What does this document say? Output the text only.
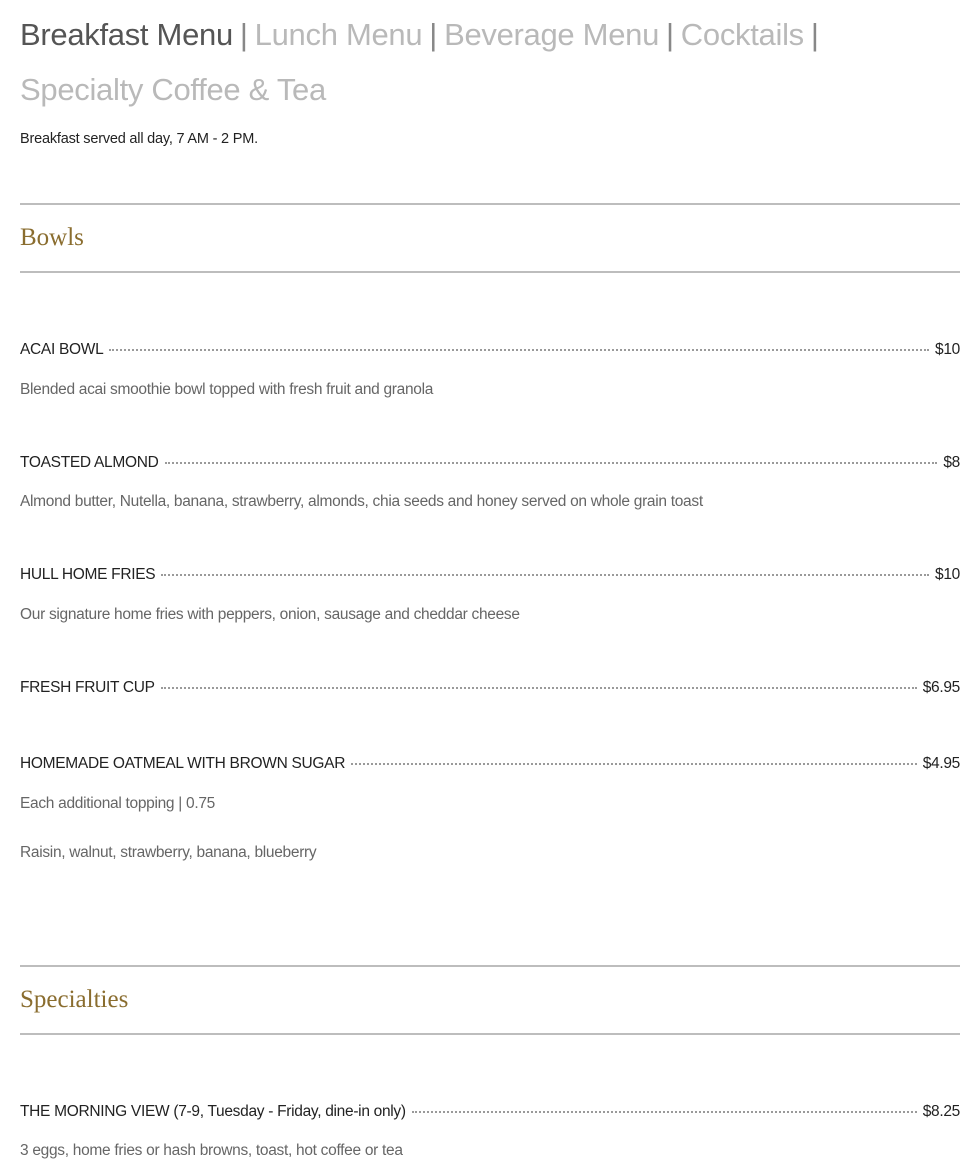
Breakfast Menu | Lunch Menu | Beverage Menu | Cocktails |
Specialty Coffee & Tea
Breakfast served all day, 7 AM - 2 PM.
Bowls
ACAI BOWL	$10
Blended acai smoothie bowl topped with fresh fruit and granola
TOASTED ALMOND	$8
Almond butter, Nutella, banana, strawberry, almonds, chia seeds and honey served on whole grain toast
HULL HOME FRIES	$10
Our signature home fries with peppers, onion, sausage and cheddar cheese
FRESH FRUIT CUP	$6.95
HOMEMADE OATMEAL WITH BROWN SUGAR	$4.95
Each additional topping | 0.75
Raisin, walnut, strawberry, banana, blueberry
Specialties
THE MORNING VIEW (7-9, Tuesday - Friday, dine-in only)	$8.25
3 eggs, home fries or hash browns, toast, hot coffee or tea
